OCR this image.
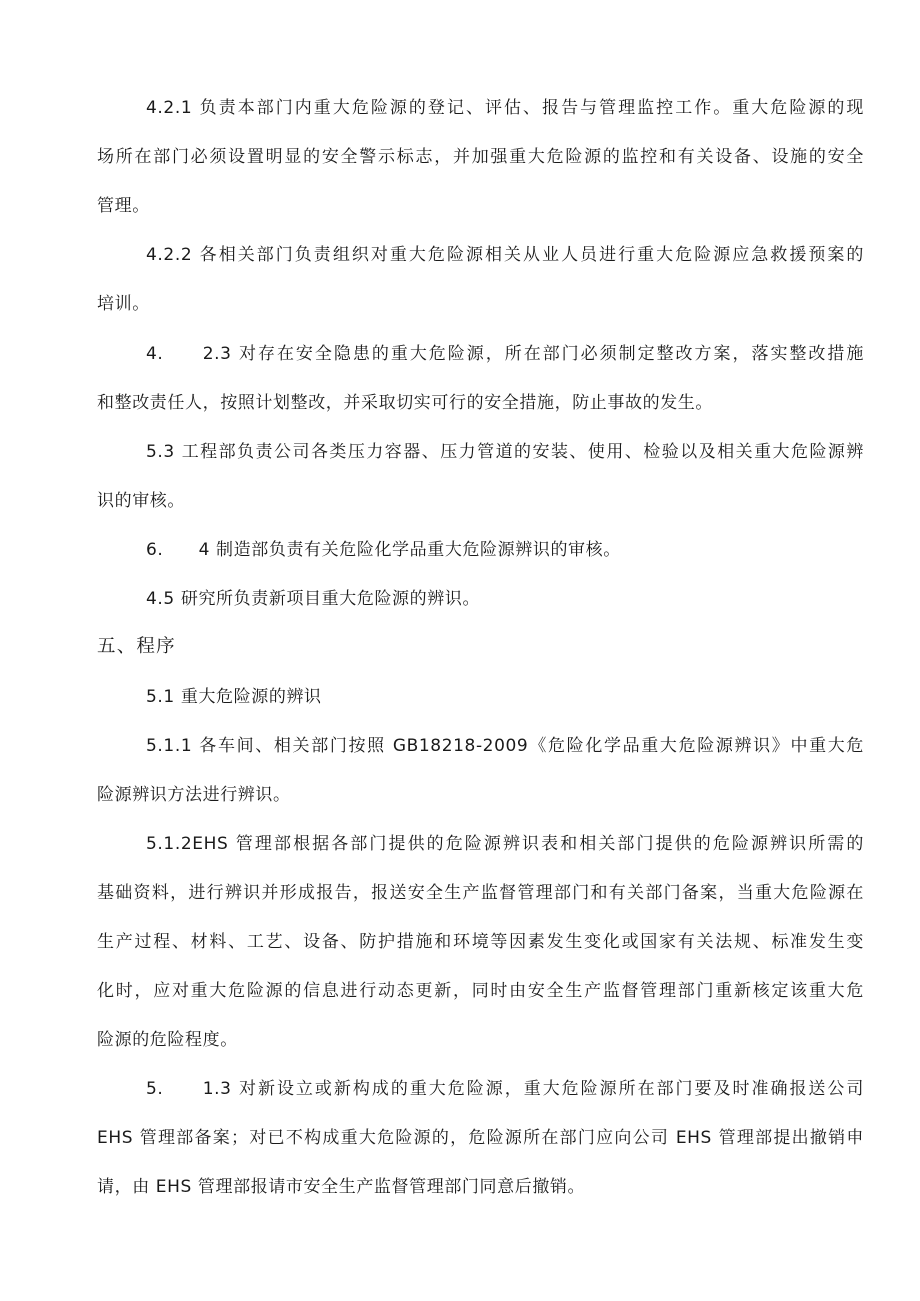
4.2.1 负责本部门内重大危险源的登记、评估、报告与管理监控工作。重大危险源的现
场所在部门必须设置明显的安全警示标志，并加强重大危险源的监控和有关设备、设施的安全
管理。
4.2.2 各相关部门负责组织对重大危险源相关从业人员进行重大危险源应急救援预案的
培训。
4.　　2.3 对存在安全隐患的重大危险源，所在部门必须制定整改方案，落实整改措施
和整改责任人，按照计划整改，并采取切实可行的安全措施，防止事故的发生。
5.3 工程部负责公司各类压力容器、压力管道的安装、使用、检验以及相关重大危险源辨
识的审核。
6.　　4 制造部负责有关危险化学品重大危险源辨识的审核。
4.5 研究所负责新项目重大危险源的辨识。
五、程序
5.1 重大危险源的辨识
5.1.1 各车间、相关部门按照 GB18218-2009《危险化学品重大危险源辨识》中重大危
险源辨识方法进行辨识。
5.1.2EHS 管理部根据各部门提供的危险源辨识表和相关部门提供的危险源辨识所需的
基础资料，进行辨识并形成报告，报送安全生产监督管理部门和有关部门备案，当重大危险源在
生产过程、材料、工艺、设备、防护措施和环境等因素发生变化或国家有关法规、标准发生变
化时，应对重大危险源的信息进行动态更新，同时由安全生产监督管理部门重新核定该重大危
险源的危险程度。
5.　　1.3 对新设立或新构成的重大危险源，重大危险源所在部门要及时准确报送公司
EHS 管理部备案；对已不构成重大危险源的，危险源所在部门应向公司 EHS 管理部提出撤销申
请，由 EHS 管理部报请市安全生产监督管理部门同意后撤销。
